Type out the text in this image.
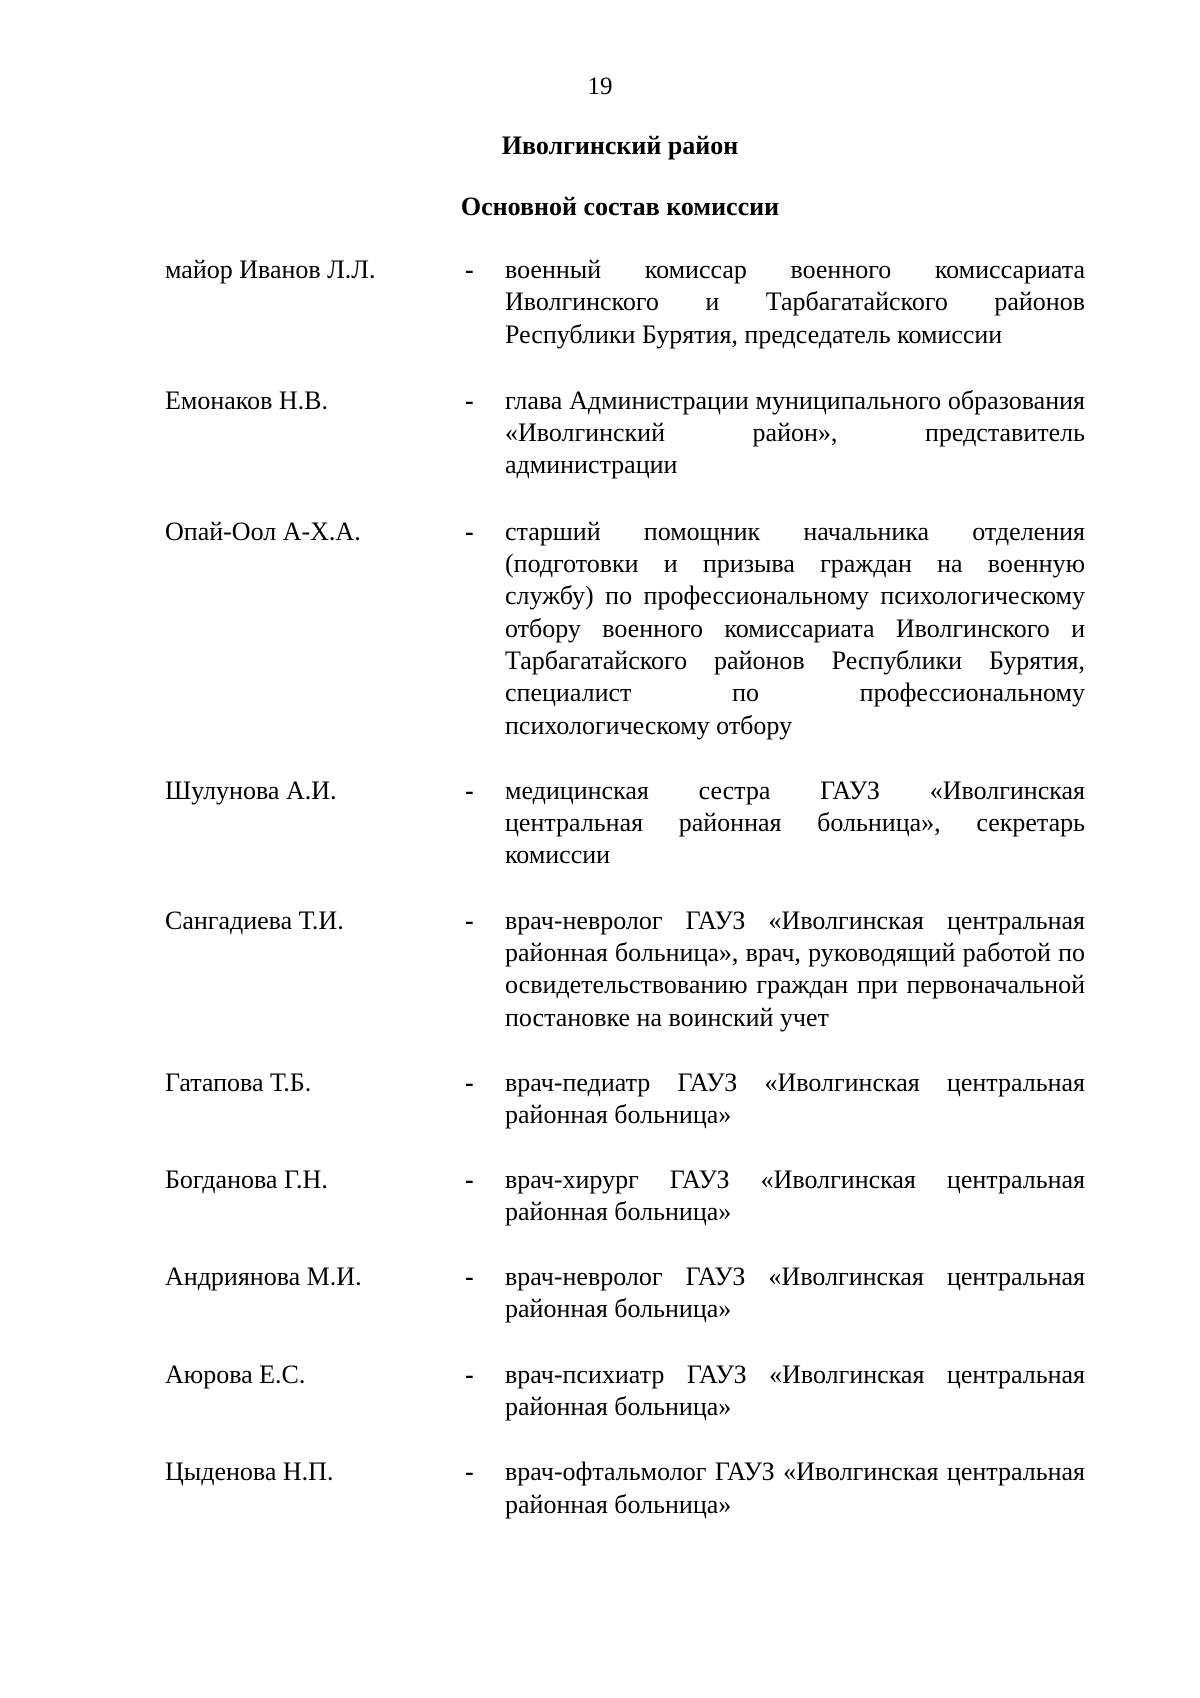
19
Иволгинский район
Основной состав комиссии
майор Иванов Л.Л.	-	военный комиссар военного комиссариата Иволгинского и Тарбагатайского районов Республики Бурятия, председатель комиссии
Емонаков Н.В.	-	глава Администрации муниципального образования «Иволгинский район», представитель администрации
Опай-Оол А-Х.А.	-	старший помощник начальника отделения (подготовки и призыва граждан на военную службу) по профессиональному психологическому отбору военного комиссариата Иволгинского и Тарбагатайского районов Республики Бурятия, специалист по профессиональному психологическому отбору
Шулунова А.И.	-	медицинская сестра ГАУЗ «Иволгинская центральная районная больница», секретарь комиссии
Сангадиева Т.И.	-	врач-невролог ГАУЗ «Иволгинская центральная районная больница», врач, руководящий работой по освидетельствованию граждан при первоначальной постановке на воинский учет
Гатапова Т.Б.	-	врач-педиатр ГАУЗ «Иволгинская центральная районная больница»
Богданова Г.Н.	-	врач-хирург ГАУЗ «Иволгинская центральная районная больница»
Андриянова М.И.	-	врач-невролог ГАУЗ «Иволгинская центральная районная больница»
Аюрова Е.С.	-	врач-психиатр ГАУЗ «Иволгинская центральная районная больница»
Цыденова Н.П.	-	врач-офтальмолог ГАУЗ «Иволгинская центральная районная больница»
